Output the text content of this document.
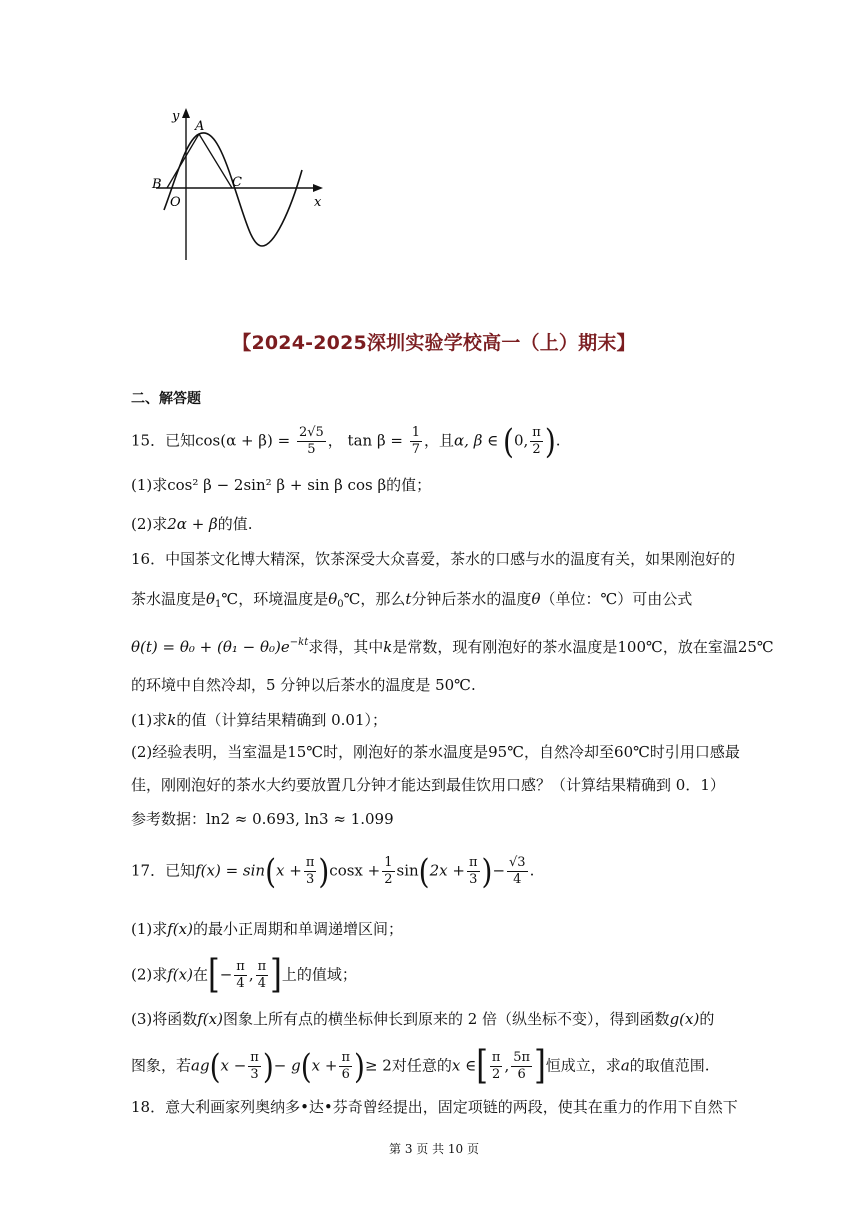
y
A
B	C
O	x
【2024-2025深圳实验学校高一（上）期末】
二、解答题
15．已知$\cos(\alpha + \beta) = \frac{2√5}{5}$ ， $\tan \beta = \frac{1}{7}$ ，且α, β ∈ (0, $\frac{\pi}{2}$ ).
(1)求cos² β − 2sin² β + sin β cos β的值；
(2)求2α + β的值.
16．中国茶文化博大精深，饮茶深受大众喜爱，茶水的口感与水的温度有关，如果刚泡好的
茶水温度是$\theta_1℃$，环境温度是$\theta_0℃$，那么t分钟后茶水的温度θ（单位：℃）可由公式
$\theta(t) = \theta_0 + (\theta_1 - \theta_0)e^{-kt}$求得，其中k是常数，现有刚泡好的茶水温度是100℃，放在室温25℃
的环境中自然冷却，5 分钟以后茶水的温度是 50℃.
(1)求k的值（计算结果精确到 0.01）；
(2)经验表明，当室温是15℃时，刚泡好的茶水温度是95℃，自然冷却至60℃时引用口感最
佳，刚刚泡好的茶水大约要放置几分钟才能达到最佳饮用口感？（计算结果精确到 0．1）
参考数据：ln2 ≈ 0.693, ln3 ≈ 1.099
17．已知$f(x) = \sin(x + \frac{\pi}{3} )\cos x + \frac{1}{2} \sin(2x + \frac{\pi}{3}$ )− $\frac{√3}{4}$ .
(1)求f(x)的最小正周期和单调递增区间；
(2)求f(x)在[− $\frac{\pi}{4}$ , $\frac{\pi}{4}$ ]上的值域；
(3)将函数f(x)图象上所有点的横坐标伸长到原来的 2 倍（纵坐标不变），得到函数g(x)的
图象，若$ag(x - \frac{\pi}{3}$ )− $g(x + \frac{\pi}{6}$ )≥ 2对任意的x ∈[ $\frac{\pi}{2}$ , $\frac{5\pi}{6}$ ]恒成立，求a的取值范围.
18．意大利画家列奥纳多•达•芬奇曾经提出，固定项链的两段，使其在重力的作用下自然下
第 3 页 共 10 页
